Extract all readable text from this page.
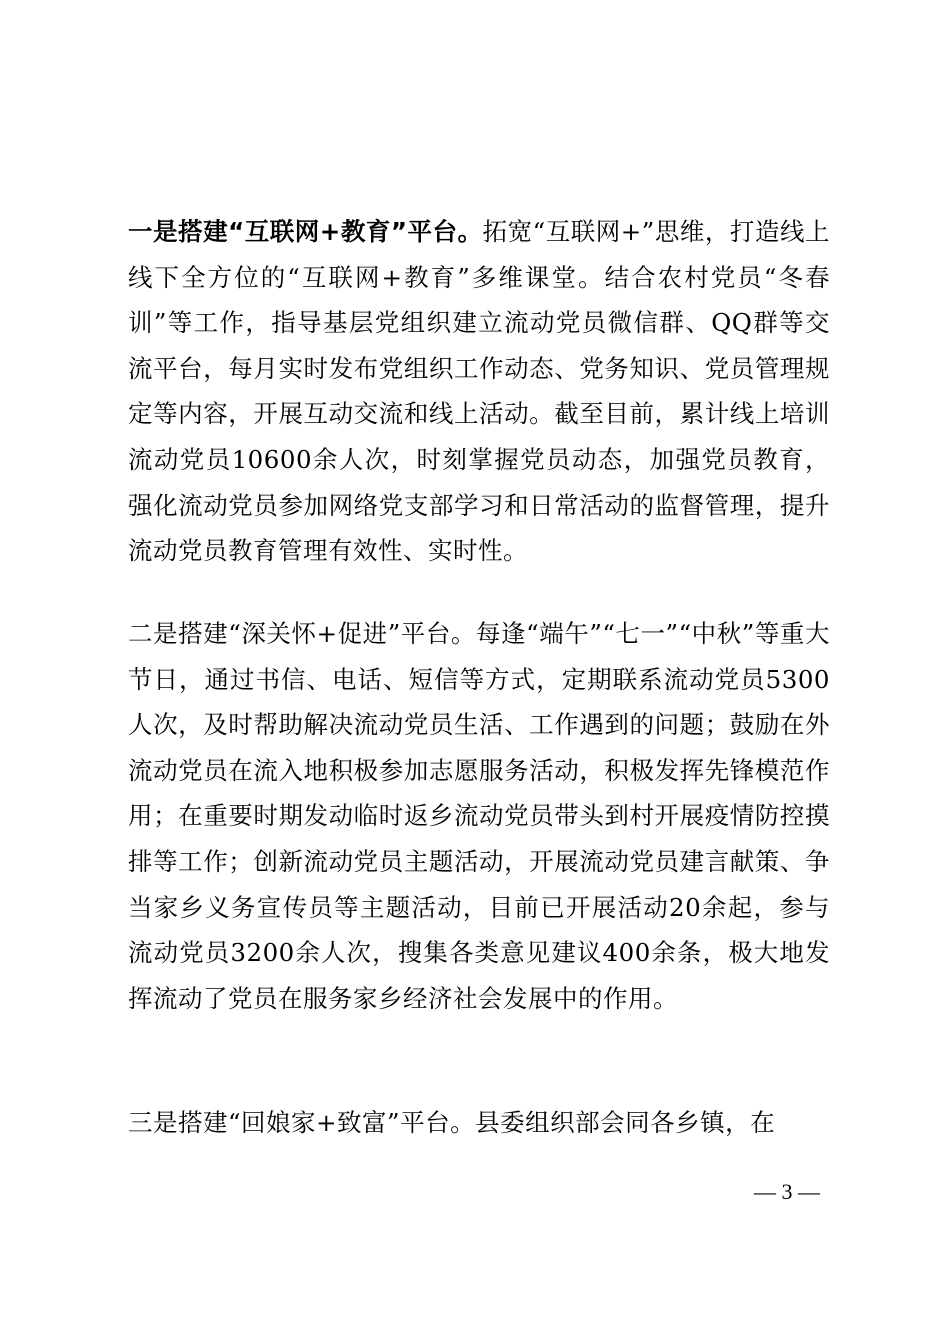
一是搭建“互联网+教育”平台。拓宽“互联网+”思维，打造线上线下全方位的“互联网+教育”多维课堂。结合农村党员“冬春训”等工作，指导基层党组织建立流动党员微信群、QQ群等交流平台，每月实时发布党组织工作动态、党务知识、党员管理规定等内容，开展互动交流和线上活动。截至目前，累计线上培训流动党员10600余人次，时刻掌握党员动态，加强党员教育，强化流动党员参加网络党支部学习和日常活动的监督管理，提升流动党员教育管理有效性、实时性。

二是搭建“深关怀+促进”平台。每逢“端午”“七一”“中秋”等重大节日，通过书信、电话、短信等方式，定期联系流动党员5300人次，及时帮助解决流动党员生活、工作遇到的问题；鼓励在外流动党员在流入地积极参加志愿服务活动，积极发挥先锋模范作用；在重要时期发动临时返乡流动党员带头到村开展疫情防控摸排等工作；创新流动党员主题活动，开展流动党员建言献策、争当家乡义务宣传员等主题活动，目前已开展活动20余起，参与流动党员3200余人次，搜集各类意见建议400余条，极大地发挥流动了党员在服务家乡经济社会发展中的作用。

三是搭建“回娘家+致富”平台。县委组织部会同各乡镇，在

— 3 —
